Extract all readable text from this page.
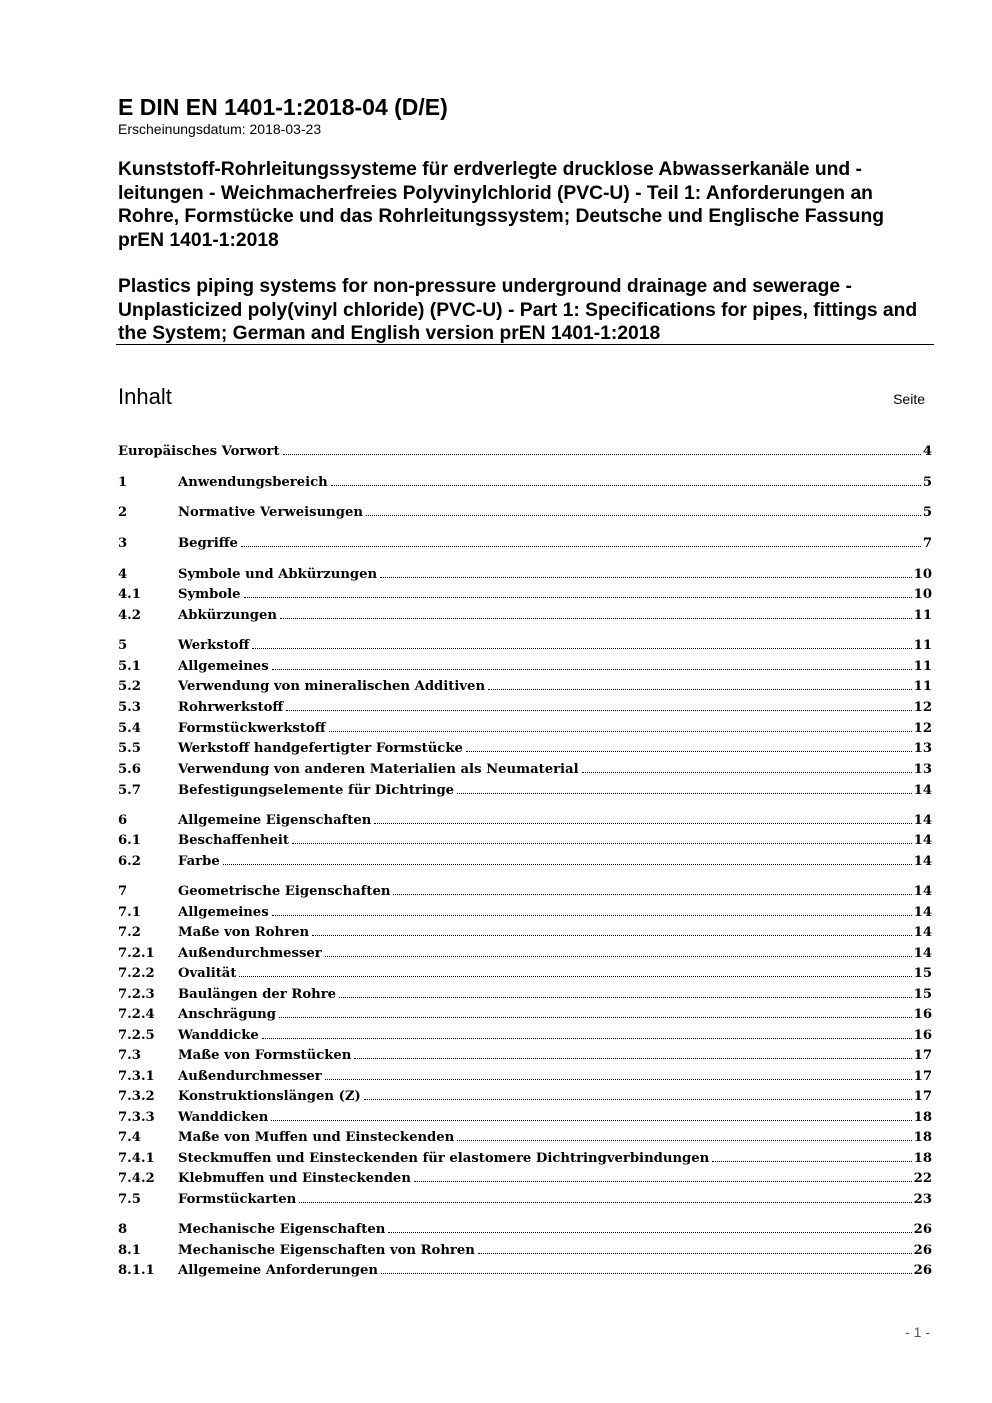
E DIN EN 1401-1:2018-04 (D/E)
Erscheinungsdatum: 2018-03-23
Kunststoff-Rohrleitungssysteme für erdverlegte drucklose Abwasserkanäle und -leitungen - Weichmacherfreies Polyvinylchlorid (PVC-U) - Teil 1: Anforderungen an Rohre, Formstücke und das Rohrleitungssystem; Deutsche und Englische Fassung prEN 1401-1:2018
Plastics piping systems for non-pressure underground drainage and sewerage - Unplasticized poly(vinyl chloride) (PVC-U) - Part 1: Specifications for pipes, fittings and the System; German and English version prEN 1401-1:2018
Inhalt	Seite
Europäisches Vorwort	4
1	Anwendungsbereich	5
2	Normative Verweisungen	5
3	Begriffe	7
4	Symbole und Abkürzungen	10
4.1	Symbole	10
4.2	Abkürzungen	11
5	Werkstoff	11
5.1	Allgemeines	11
5.2	Verwendung von mineralischen Additiven	11
5.3	Rohrwerkstoff	12
5.4	Formstückwerkstoff	12
5.5	Werkstoff handgefertigter Formstücke	13
5.6	Verwendung von anderen Materialien als Neumaterial	13
5.7	Befestigungselemente für Dichtringe	14
6	Allgemeine Eigenschaften	14
6.1	Beschaffenheit	14
6.2	Farbe	14
7	Geometrische Eigenschaften	14
7.1	Allgemeines	14
7.2	Maße von Rohren	14
7.2.1	Außendurchmesser	14
7.2.2	Ovalität	15
7.2.3	Baulängen der Rohre	15
7.2.4	Anschrägung	16
7.2.5	Wanddicke	16
7.3	Maße von Formstücken	17
7.3.1	Außendurchmesser	17
7.3.2	Konstruktionslängen (Z)	17
7.3.3	Wanddicken	18
7.4	Maße von Muffen und Einsteckenden	18
7.4.1	Steckmuffen und Einsteckenden für elastomere Dichtringverbindungen	18
7.4.2	Klebmuffen und Einsteckenden	22
7.5	Formstückarten	23
8	Mechanische Eigenschaften	26
8.1	Mechanische Eigenschaften von Rohren	26
8.1.1	Allgemeine Anforderungen	26
- 1 -
